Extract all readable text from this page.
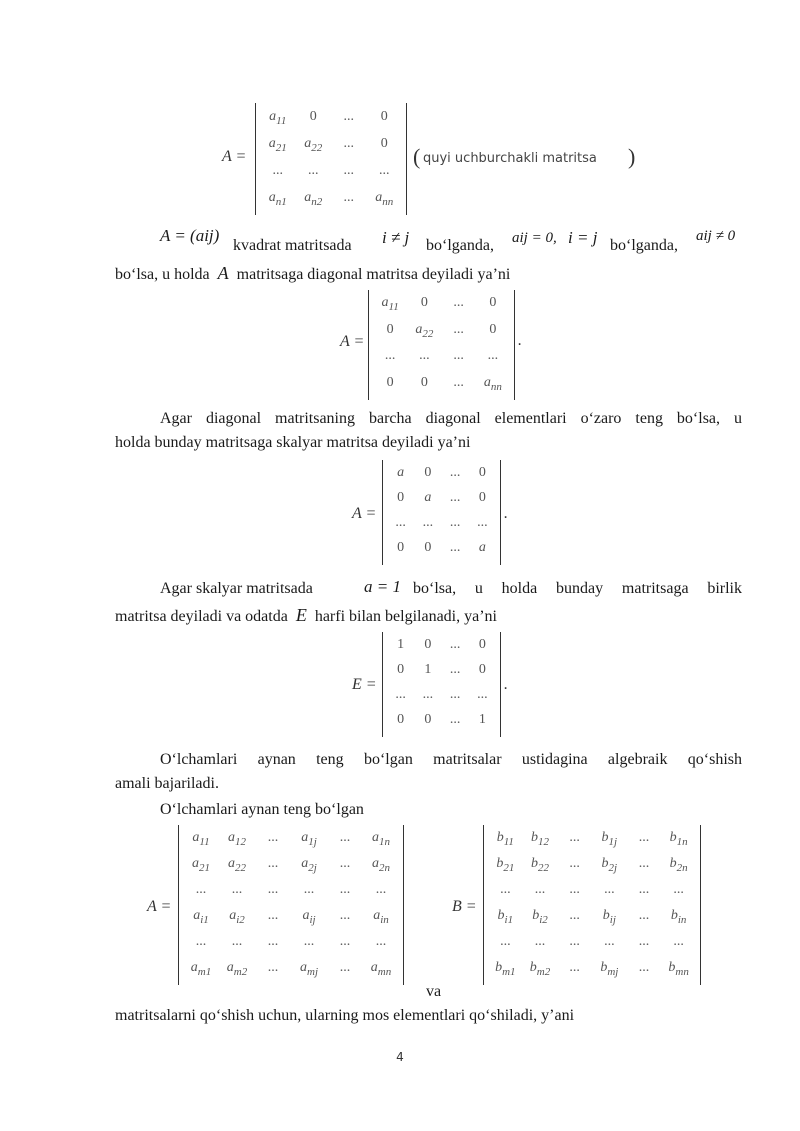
A =
$a_{11}$	0	...	0
$a_{21}$	$a_{22}$	...	0
...	...	...	...
$a_{n1}$	$a_{n2}$	...	$a_{nn}$
( quyi uchburchakli matritsa )
A = (aij)
kvadrat matritsada i ≠ j bo‘lganda, aij = 0, i = j bo‘lganda,
aij ≠ 0
bo‘lsa, u holda A matritsaga diagonal matritsa deyiladi ya’ni
A =
$a_{11}$	0	...	0
0	$a_{22}$	...	0
...	...	...	...
0	0	...	$a_{nn}$
.
Agar diagonal matritsaning barcha diagonal elementlari o‘zaro teng bo‘lsa, u
holda bunday matritsaga skalyar matritsa deyiladi ya’ni
A =
a	0	...	0
0	a	...	0
...	...	...	...
0	0	...	a
.
Agar skalyar matritsada	a = 1 bo‘lsa, u holda bunday matritsaga birlik
matritsa deyiladi va odatda E harfi bilan belgilanadi, ya’ni
E =
1	0	...	0
0	1	...	0
...	...	...	...
0	0	...	1
.
O‘lchamlari aynan teng bo‘lgan matritsalar ustidagina algebraik qo‘shish
amali bajariladi.
O‘lchamlari aynan teng bo‘lgan
A =
$a_{11}$	$a_{12}$	...	$a_{1j}$	...	$a_{1n}$
$a_{21}$	$a_{22}$	...	$a_{2j}$	...	$a_{2n}$
...	...	...	...	...	...
$a_{i1}$	$a_{i2}$	...	$a_{ij}$	...	$a_{in}$
...	...	...	...	...	...
$a_{m1}$	$a_{m2}$	...	$a_{mj}$	...	$a_{mn}$
va
B =
$b_{11}$	$b_{12}$	...	$b_{1j}$	...	$b_{1n}$
$b_{21}$	$b_{22}$	...	$b_{2j}$	...	$b_{2n}$
...	...	...	...	...	...
$b_{i1}$	$b_{i2}$	...	$b_{ij}$	...	$b_{in}$
...	...	...	...	...	...
$b_{m1}$	$b_{m2}$	...	$b_{mj}$	...	$b_{mn}$
matritsalarni qo‘shish uchun, ularning mos elementlari qo‘shiladi, y’ani
4
